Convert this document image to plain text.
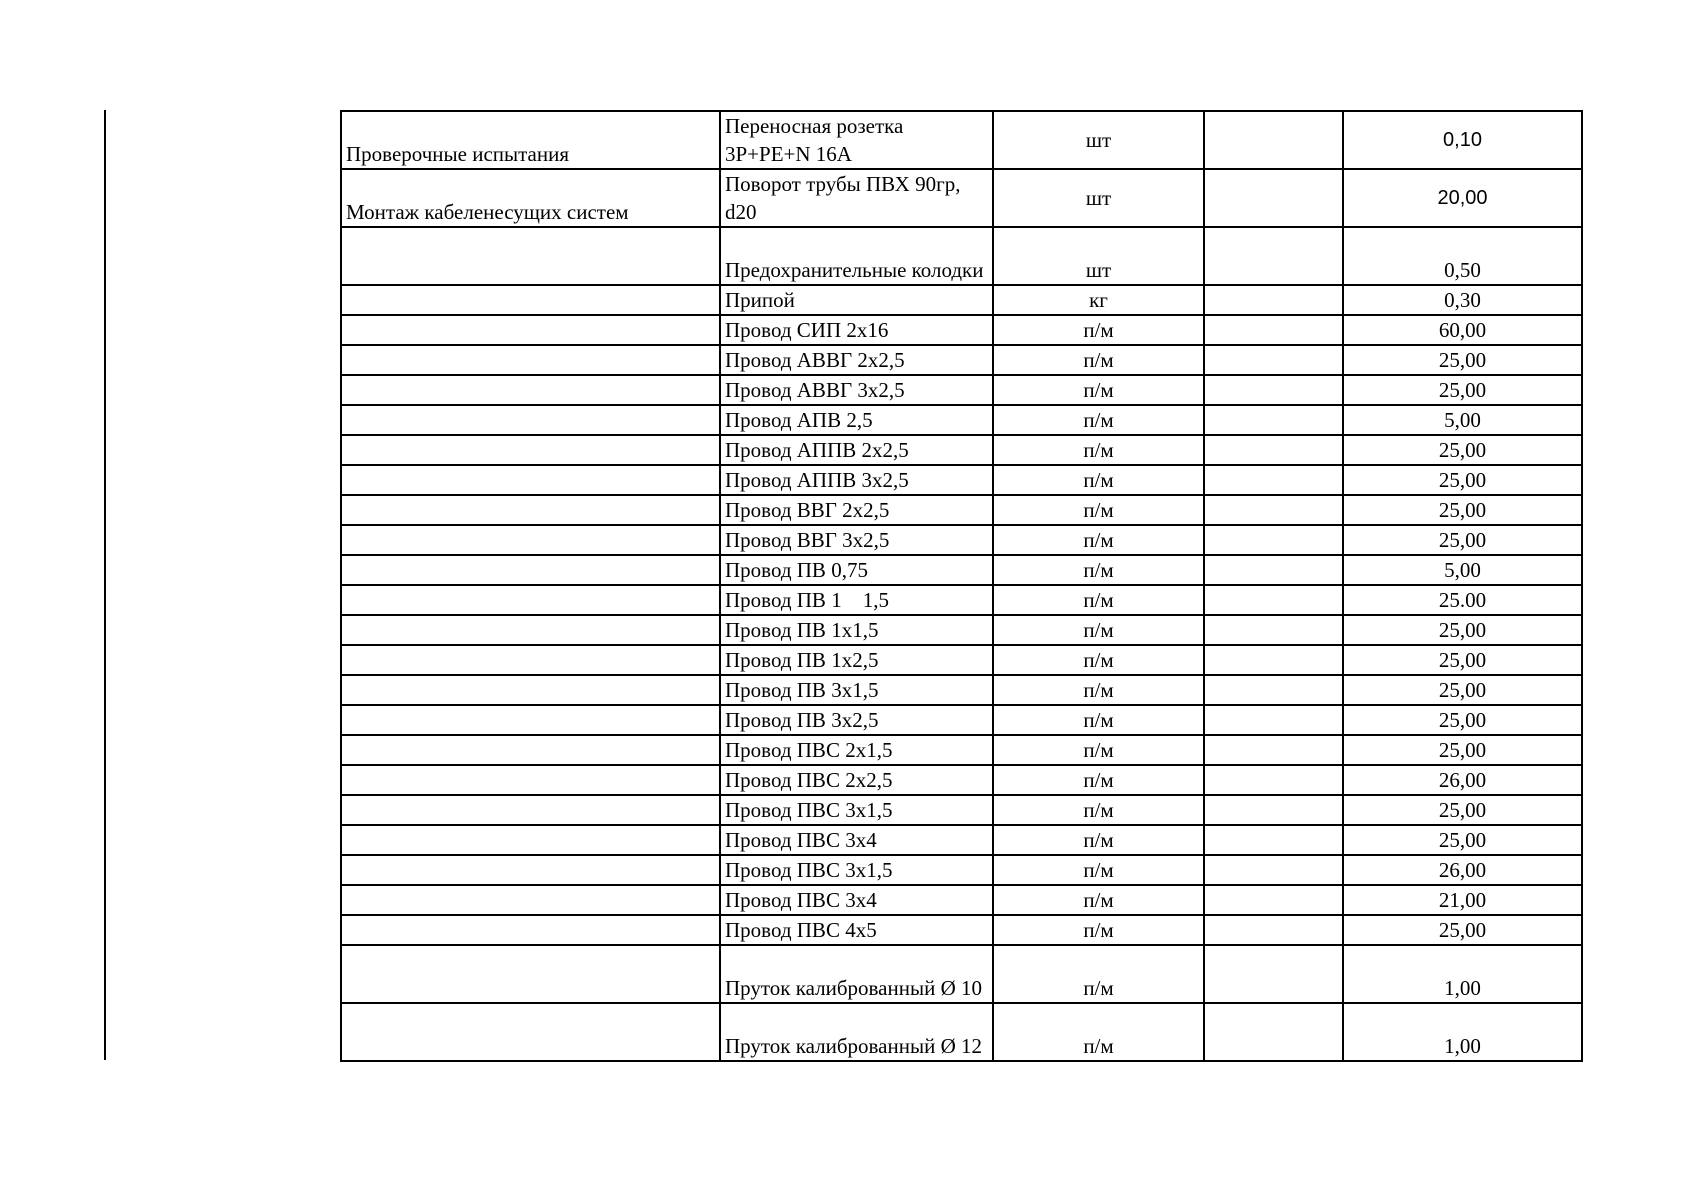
Проверочные испытания	Переносная розетка 3Р+РЕ+N 16А	шт		0,10
Монтаж кабеленесущих систем	Поворот трубы ПВХ 90гр, d20	шт		20,00
	Предохранительные колодки	шт		0,50
	Припой	кг		0,30
	Провод СИП 2х16	п/м		60,00
	Провод АВВГ 2х2,5	п/м		25,00
	Провод АВВГ 3х2,5	п/м		25,00
	Провод АПВ 2,5	п/м		5,00
	Провод АППВ 2х2,5	п/м		25,00
	Провод АППВ 3х2,5	п/м		25,00
	Провод ВВГ 2х2,5	п/м		25,00
	Провод ВВГ 3х2,5	п/м		25,00
	Провод ПВ 0,75	п/м		5,00
	Провод ПВ 1    1,5	п/м		25.00
	Провод ПВ 1х1,5	п/м		25,00
	Провод ПВ 1х2,5	п/м		25,00
	Провод ПВ 3х1,5	п/м		25,00
	Провод ПВ 3х2,5	п/м		25,00
	Провод ПВС 2х1,5	п/м		25,00
	Провод ПВС 2х2,5	п/м		26,00
	Провод ПВС 3х1,5	п/м		25,00
	Провод ПВС 3х4	п/м		25,00
	Провод ПВС 3х1,5	п/м		26,00
	Провод ПВС 3х4	п/м		21,00
	Провод ПВС 4х5	п/м		25,00
	Пруток калиброванный Ø 10	п/м		1,00
	Пруток калиброванный Ø 12	п/м		1,00
